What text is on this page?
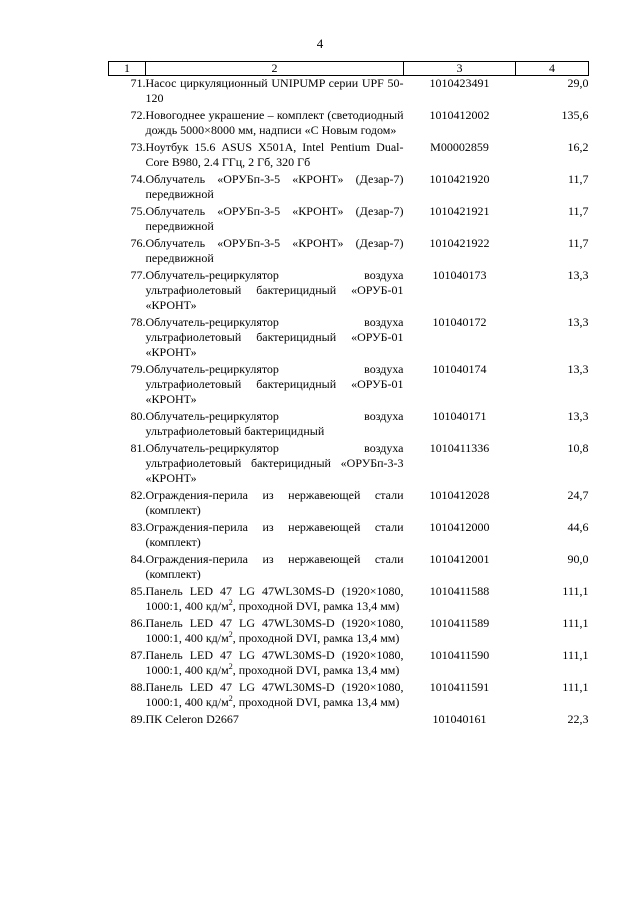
4
1	2	3	4
71.	Насос циркуляционный UNIPUMP серии UPF 50-120	1010423491	29,0
72.	Новогоднее украшение – комплект (светодиодный дождь 5000×8000 мм, надписи «С Новым годом»	1010412002	135,6
73.	Ноутбук 15.6 ASUS X501A, Intel Pentium Dual-Core B980, 2.4 ГГц, 2 Гб, 320 Гб	М00002859	16,2
74.	Облучатель «ОРУБп-3-5 «КРОНТ» (Дезар-7) передвижной	1010421920	11,7
75.	Облучатель «ОРУБп-3-5 «КРОНТ» (Дезар-7) передвижной	1010421921	11,7
76.	Облучатель «ОРУБп-3-5 «КРОНТ» (Дезар-7) передвижной	1010421922	11,7
77.	Облучатель-рециркулятор воздуха ультрафиолетовый бактерицидный «ОРУБ-01 «КРОНТ»	101040173	13,3
78.	Облучатель-рециркулятор воздуха ультрафиолетовый бактерицидный «ОРУБ-01 «КРОНТ»	101040172	13,3
79.	Облучатель-рециркулятор воздуха ультрафиолетовый бактерицидный «ОРУБ-01 «КРОНТ»	101040174	13,3
80.	Облучатель-рециркулятор воздуха ультрафиолетовый бактерицидный	101040171	13,3
81.	Облучатель-рециркулятор воздуха ультрафиолетовый бактерицидный «ОРУБп-3-3 «КРОНТ»	1010411336	10,8
82.	Ограждения-перила из нержавеющей стали (комплект)	1010412028	24,7
83.	Ограждения-перила из нержавеющей стали (комплект)	1010412000	44,6
84.	Ограждения-перила из нержавеющей стали (комплект)	1010412001	90,0
85.	Панель LED 47 LG 47WL30MS-D (1920×1080, 1000:1, 400 $кд/м^2$, проходной DVI, рамка 13,4 мм)	1010411588	111,1
86.	Панель LED 47 LG 47WL30MS-D (1920×1080, 1000:1, 400 $кд/м^2$, проходной DVI, рамка 13,4 мм)	1010411589	111,1
87.	Панель LED 47 LG 47WL30MS-D (1920×1080, 1000:1, 400 $кд/м^2$, проходной DVI, рамка 13,4 мм)	1010411590	111,1
88.	Панель LED 47 LG 47WL30MS-D (1920×1080, 1000:1, 400 $кд/м^2$, проходной DVI, рамка 13,4 мм)	1010411591	111,1
89.	ПК Celeron D2667	101040161	22,3
